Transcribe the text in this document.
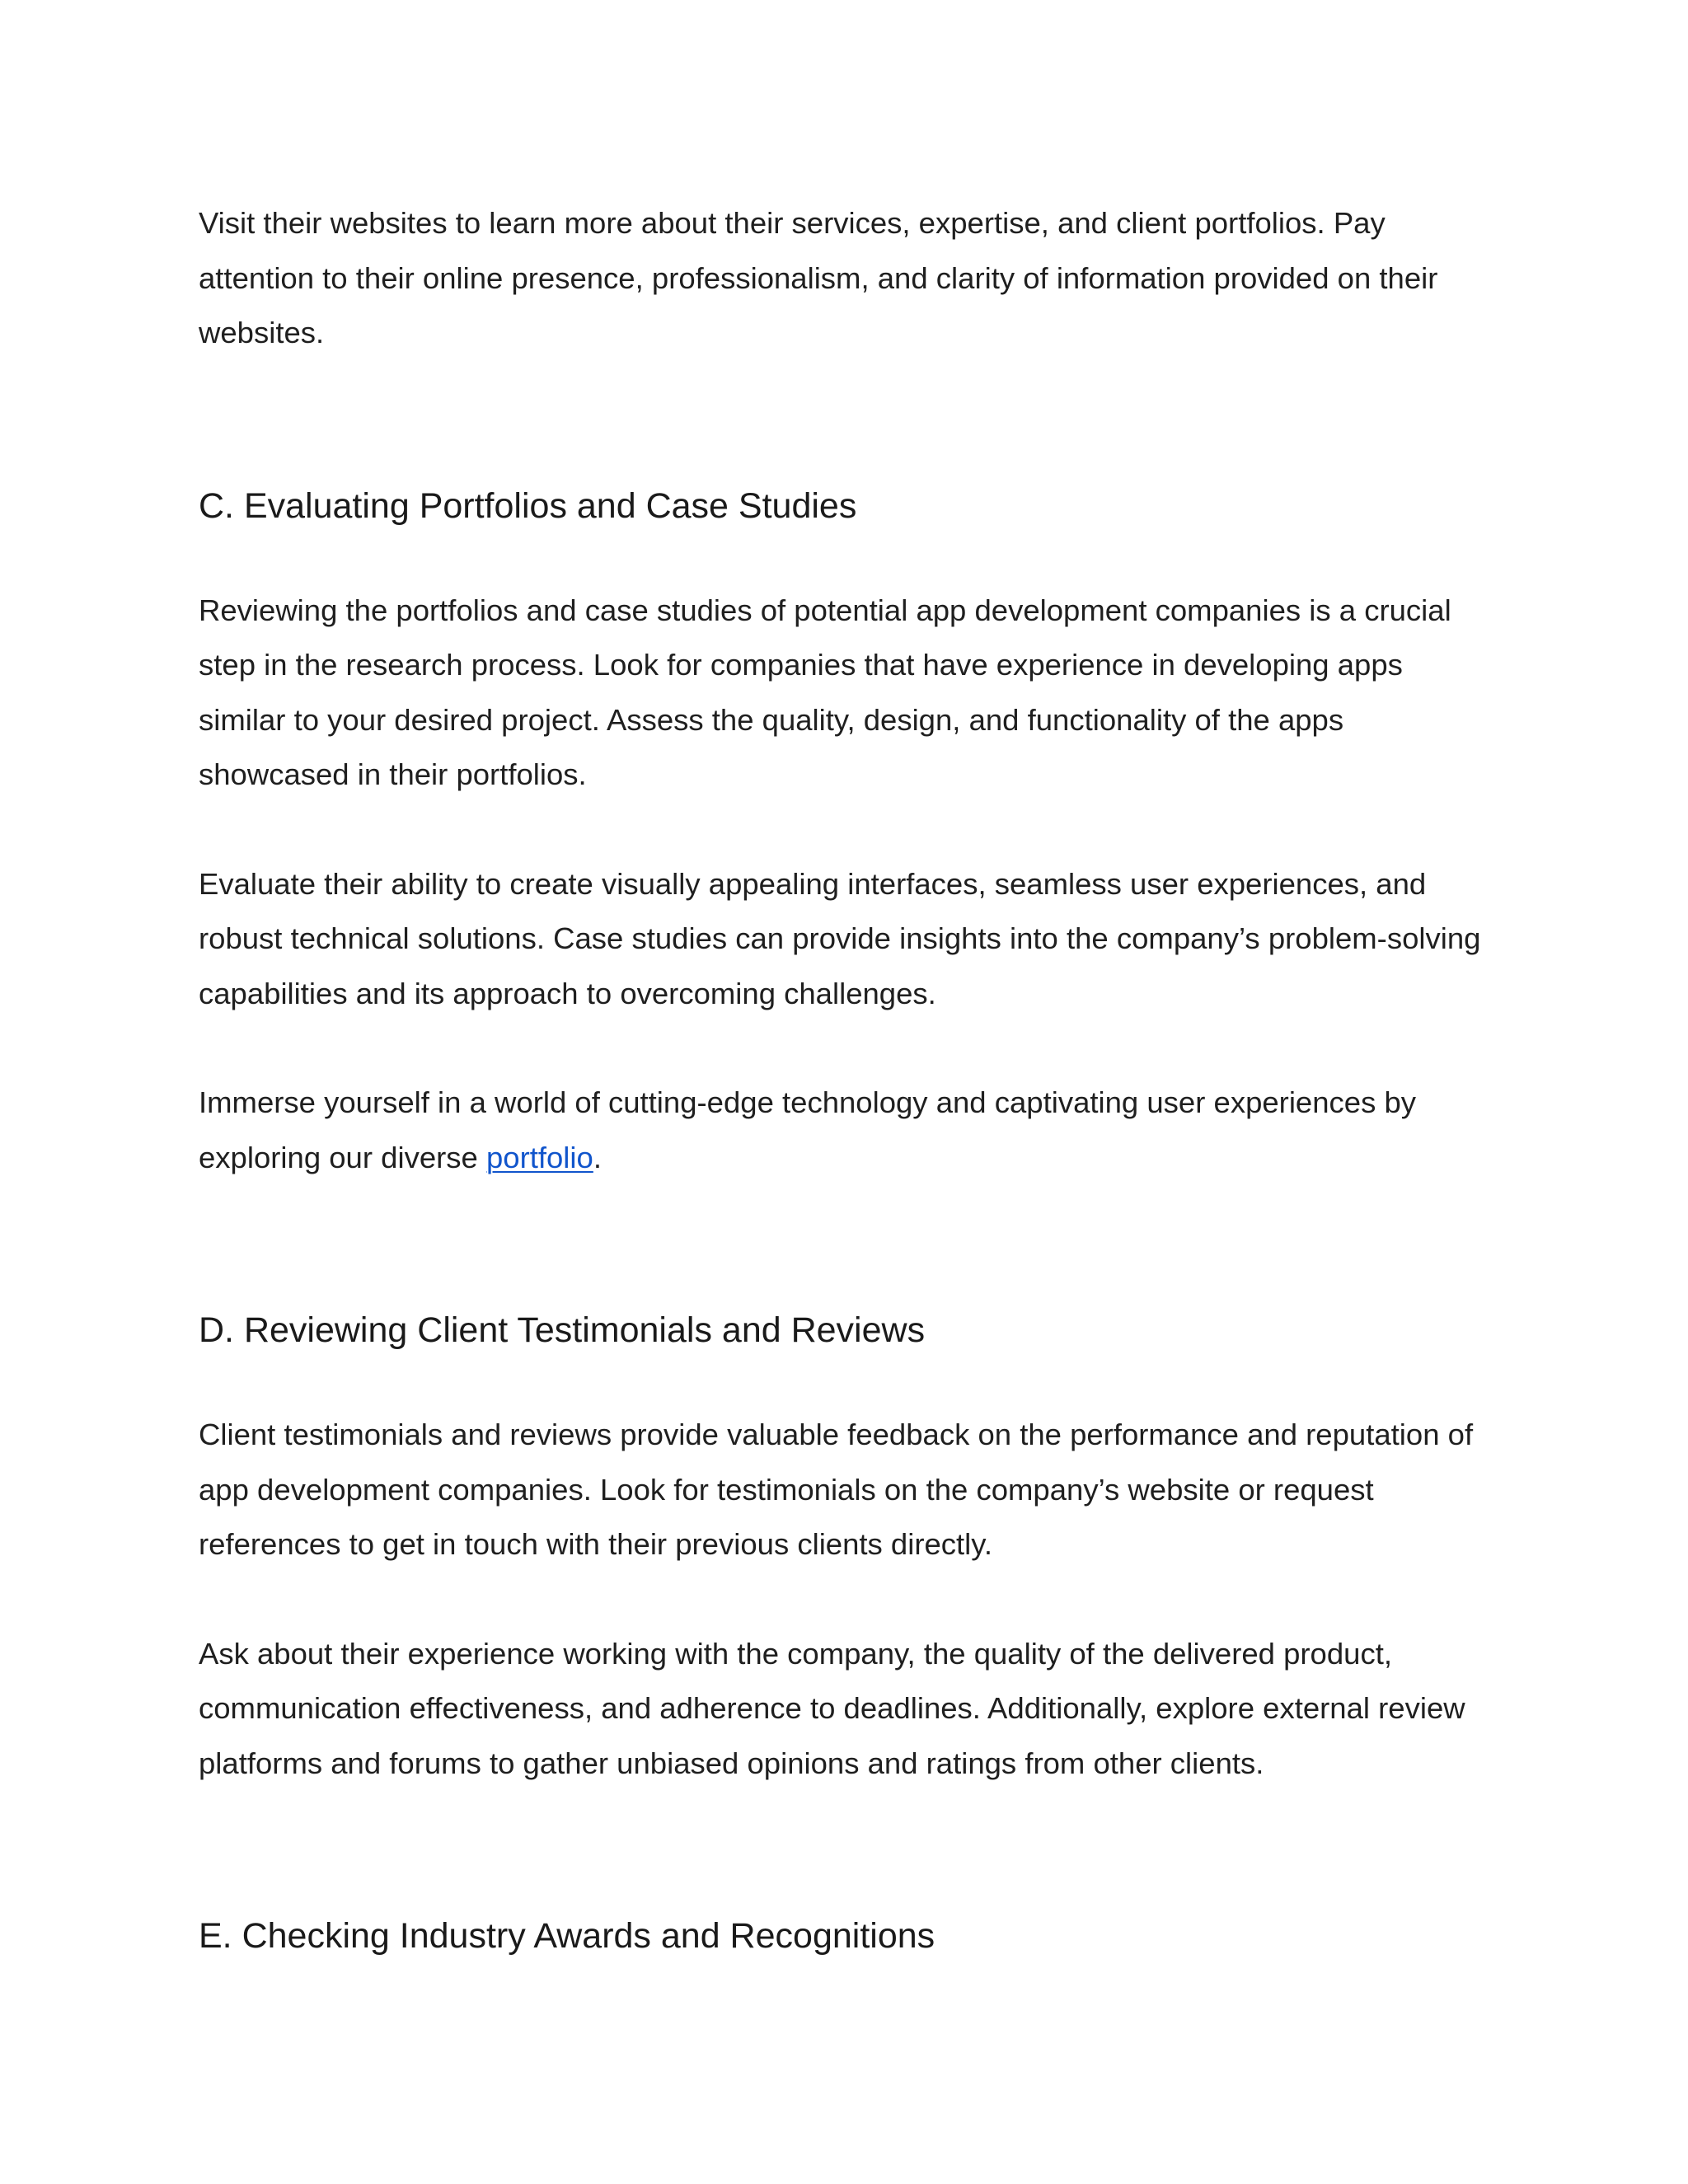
Visit their websites to learn more about their services, expertise, and client portfolios. Pay attention to their online presence, professionalism, and clarity of information provided on their websites.

C. Evaluating Portfolios and Case Studies

Reviewing the portfolios and case studies of potential app development companies is a crucial step in the research process. Look for companies that have experience in developing apps similar to your desired project. Assess the quality, design, and functionality of the apps showcased in their portfolios.

Evaluate their ability to create visually appealing interfaces, seamless user experiences, and robust technical solutions. Case studies can provide insights into the company’s problem-solving capabilities and its approach to overcoming challenges.

Immerse yourself in a world of cutting-edge technology and captivating user experiences by exploring our diverse portfolio.

D. Reviewing Client Testimonials and Reviews

Client testimonials and reviews provide valuable feedback on the performance and reputation of app development companies. Look for testimonials on the company’s website or request references to get in touch with their previous clients directly.

Ask about their experience working with the company, the quality of the delivered product, communication effectiveness, and adherence to deadlines. Additionally, explore external review platforms and forums to gather unbiased opinions and ratings from other clients.

E. Checking Industry Awards and Recognitions
